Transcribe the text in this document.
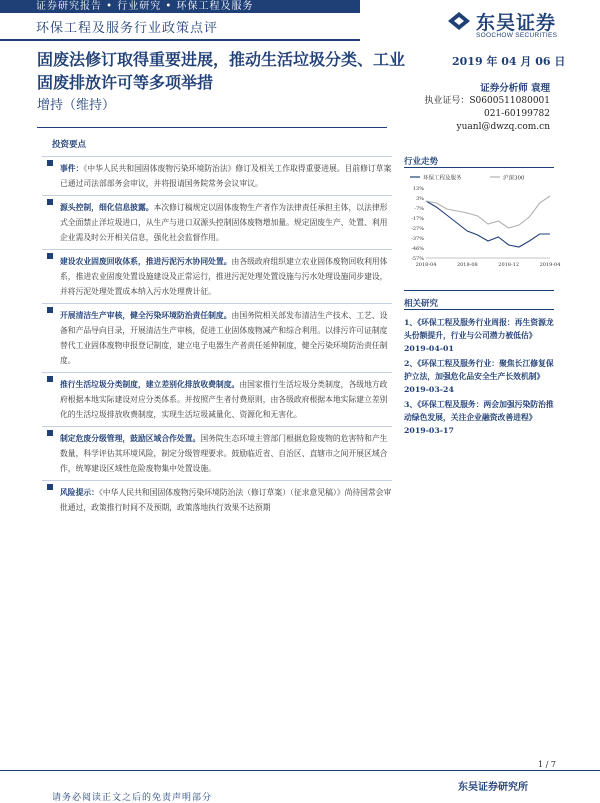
证券研究报告 • 行业研究 • 环保工程及服务
环保工程及服务行业政策点评	东吴证券
SOOCHOW SECURITIES
固废法修订取得重要进展，推动生活垃圾分类、工业固废排放许可等多项举措
增持（维持）
2019 年 04 月 06 日
证券分析师 袁理
执业证号：S0600511080001
021-60199782
yuanl@dwzq.com.cn
投资要点
事件：《中华人民共和国固体废物污染环境防治法》修订及相关工作取得重要进展。目前修订草案已通过司法部部务会审议，并将报请国务院常务会议审议。
源头控制，细化信息披露。本次修订稿规定以固体废物生产者作为法律责任承担主体，以法律形式全面禁止洋垃圾进口，从生产与进口双源头控制固体废物增加量。规定固废生产、处置、利用企业需及时公开相关信息，强化社会监督作用。
建设农业固废回收体系，推进污泥污水协同处置。由各级政府组织建立农业固体废物回收利用体系，推进农业固废处置设施建设及正常运行，推进污泥处理处置设施与污水处理设施同步建设，并将污泥处理处置成本纳入污水处理费计征。
开展清洁生产审核，健全污染环境防治责任制度。由国务院相关部发布清洁生产技术、工艺、设备和产品导向目录，开展清洁生产审核，促进工业固体废物减产和综合利用。以排污许可证制度替代工业固体废物申报登记制度，建立电子电器生产者责任延伸制度，健全污染环境防治责任制度。
推行生活垃圾分类制度，建立差别化排放收费制度。由国家推行生活垃圾分类制度，各级地方政府根据本地实际建设对应分类体系。并按照产生者付费原则，由各级政府根据本地实际建立差别化的生活垃圾排放收费制度，实现生活垃圾减量化、资源化和无害化。
制定危废分级管理，鼓励区域合作处置。国务院生态环境主管部门根据危险废物的危害特和产生数量，科学评估其环境风险，制定分级管理要求。鼓励临近省、自治区、直辖市之间开展区域合作，统筹建设区域性危险废物集中处置设施。
风险提示：《中华人民共和国固体废物污染环境防治法（修订草案）（征求意见稿）》尚待国常会审批通过，政策推行时间不及预期，政策落地执行效果不达预期
行业走势
环保工程及服务	沪深300
13%
3%
-7%
-17%
-27%
-37%
-46%
-57%
2018-04	2018-08	2018-12	2019-04
相关研究
1、《环保工程及服务行业周报：再生资源龙头份额提升，行业与公司潜力被低估》2019-04-01
2、《环保工程及服务行业：聚焦长江修复保护立法，加强危化品安全生产长效机制》2019-03-24
3、《环保工程及服务：两会加强污染防治推动绿色发展，关注企业融资改善进程》2019-03-17
1 / 7
东吴证券研究所
请务必阅读正文之后的免责声明部分
